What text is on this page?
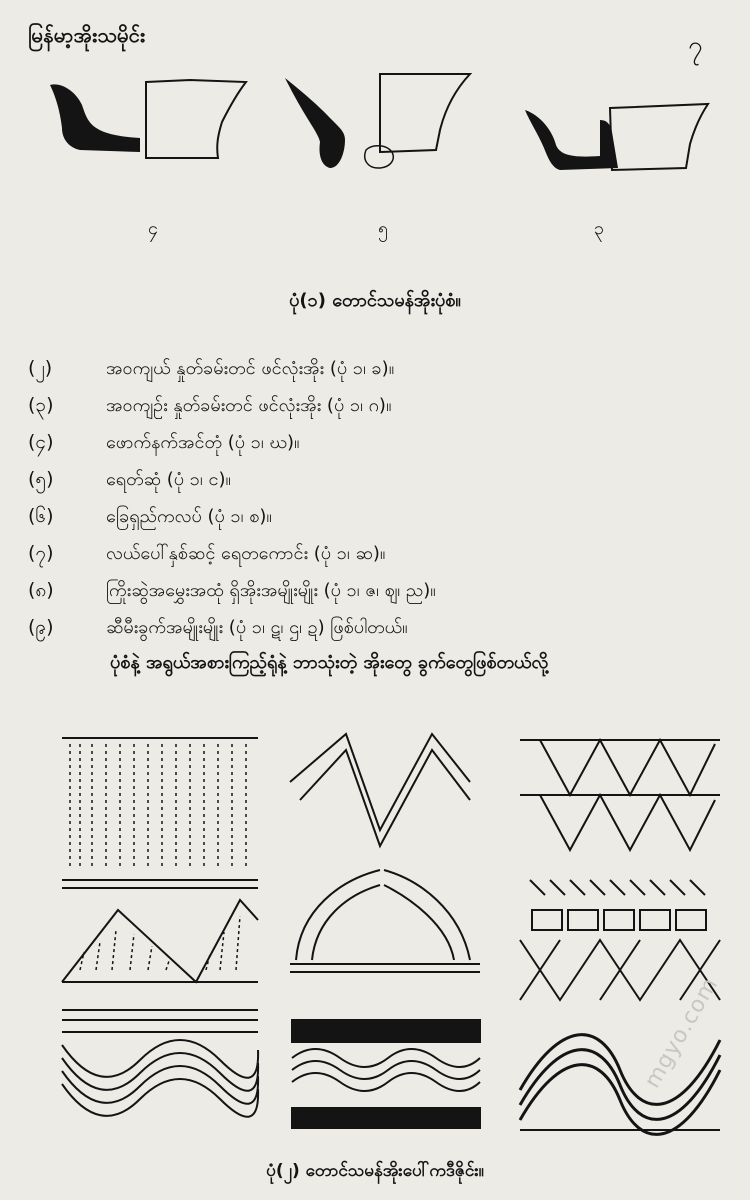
မြန်မာ့အိုးသမိုင်း	၇
၄	၅	၃
ပုံ(၁) တောင်သမန်အိုးပုံစံ။
(၂)	အဝကျယ် နှုတ်ခမ်းတင် ဖင်လုံးအိုး (ပုံ ၁၊ ခ)။
(၃)	အဝကျဉ်း နှုတ်ခမ်းတင် ဖင်လုံးအိုး (ပုံ ၁၊ ဂ)။
(၄)	ဖောက်နက်အင်တုံ (ပုံ ၁၊ ဃ)။
(၅)	ရေတ်ဆုံ (ပုံ ၁၊ င)။
(၆)	ခြေရှည်ကလပ် (ပုံ ၁၊ စ)။
(၇)	လယ်ပေါ်နှစ်ဆင့် ရေတကောင်း (ပုံ ၁၊ ဆ)။
(၈)	ကြိုးဆွဲအမွှေးအထုံ ရှိအိုးအမျိုးမျိုး (ပုံ ၁၊ ဇ၊ ဈ၊ ည)။
(၉)	ဆီမီးခွက်အမျိုးမျိုး (ပုံ ၁၊ ဋ၊ ဌ၊ ဍ) ဖြစ်ပါတယ်။
ပုံစံနဲ့ အရွယ်အစားကြည့်ရုံနဲ့ ဘာသုံးတဲ့ အိုးတွေ ခွက်တွေဖြစ်တယ်လို့
ပုံ(၂) တောင်သမန်အိုးပေါ်ကဒီဇိုင်း။
mgyo.com
